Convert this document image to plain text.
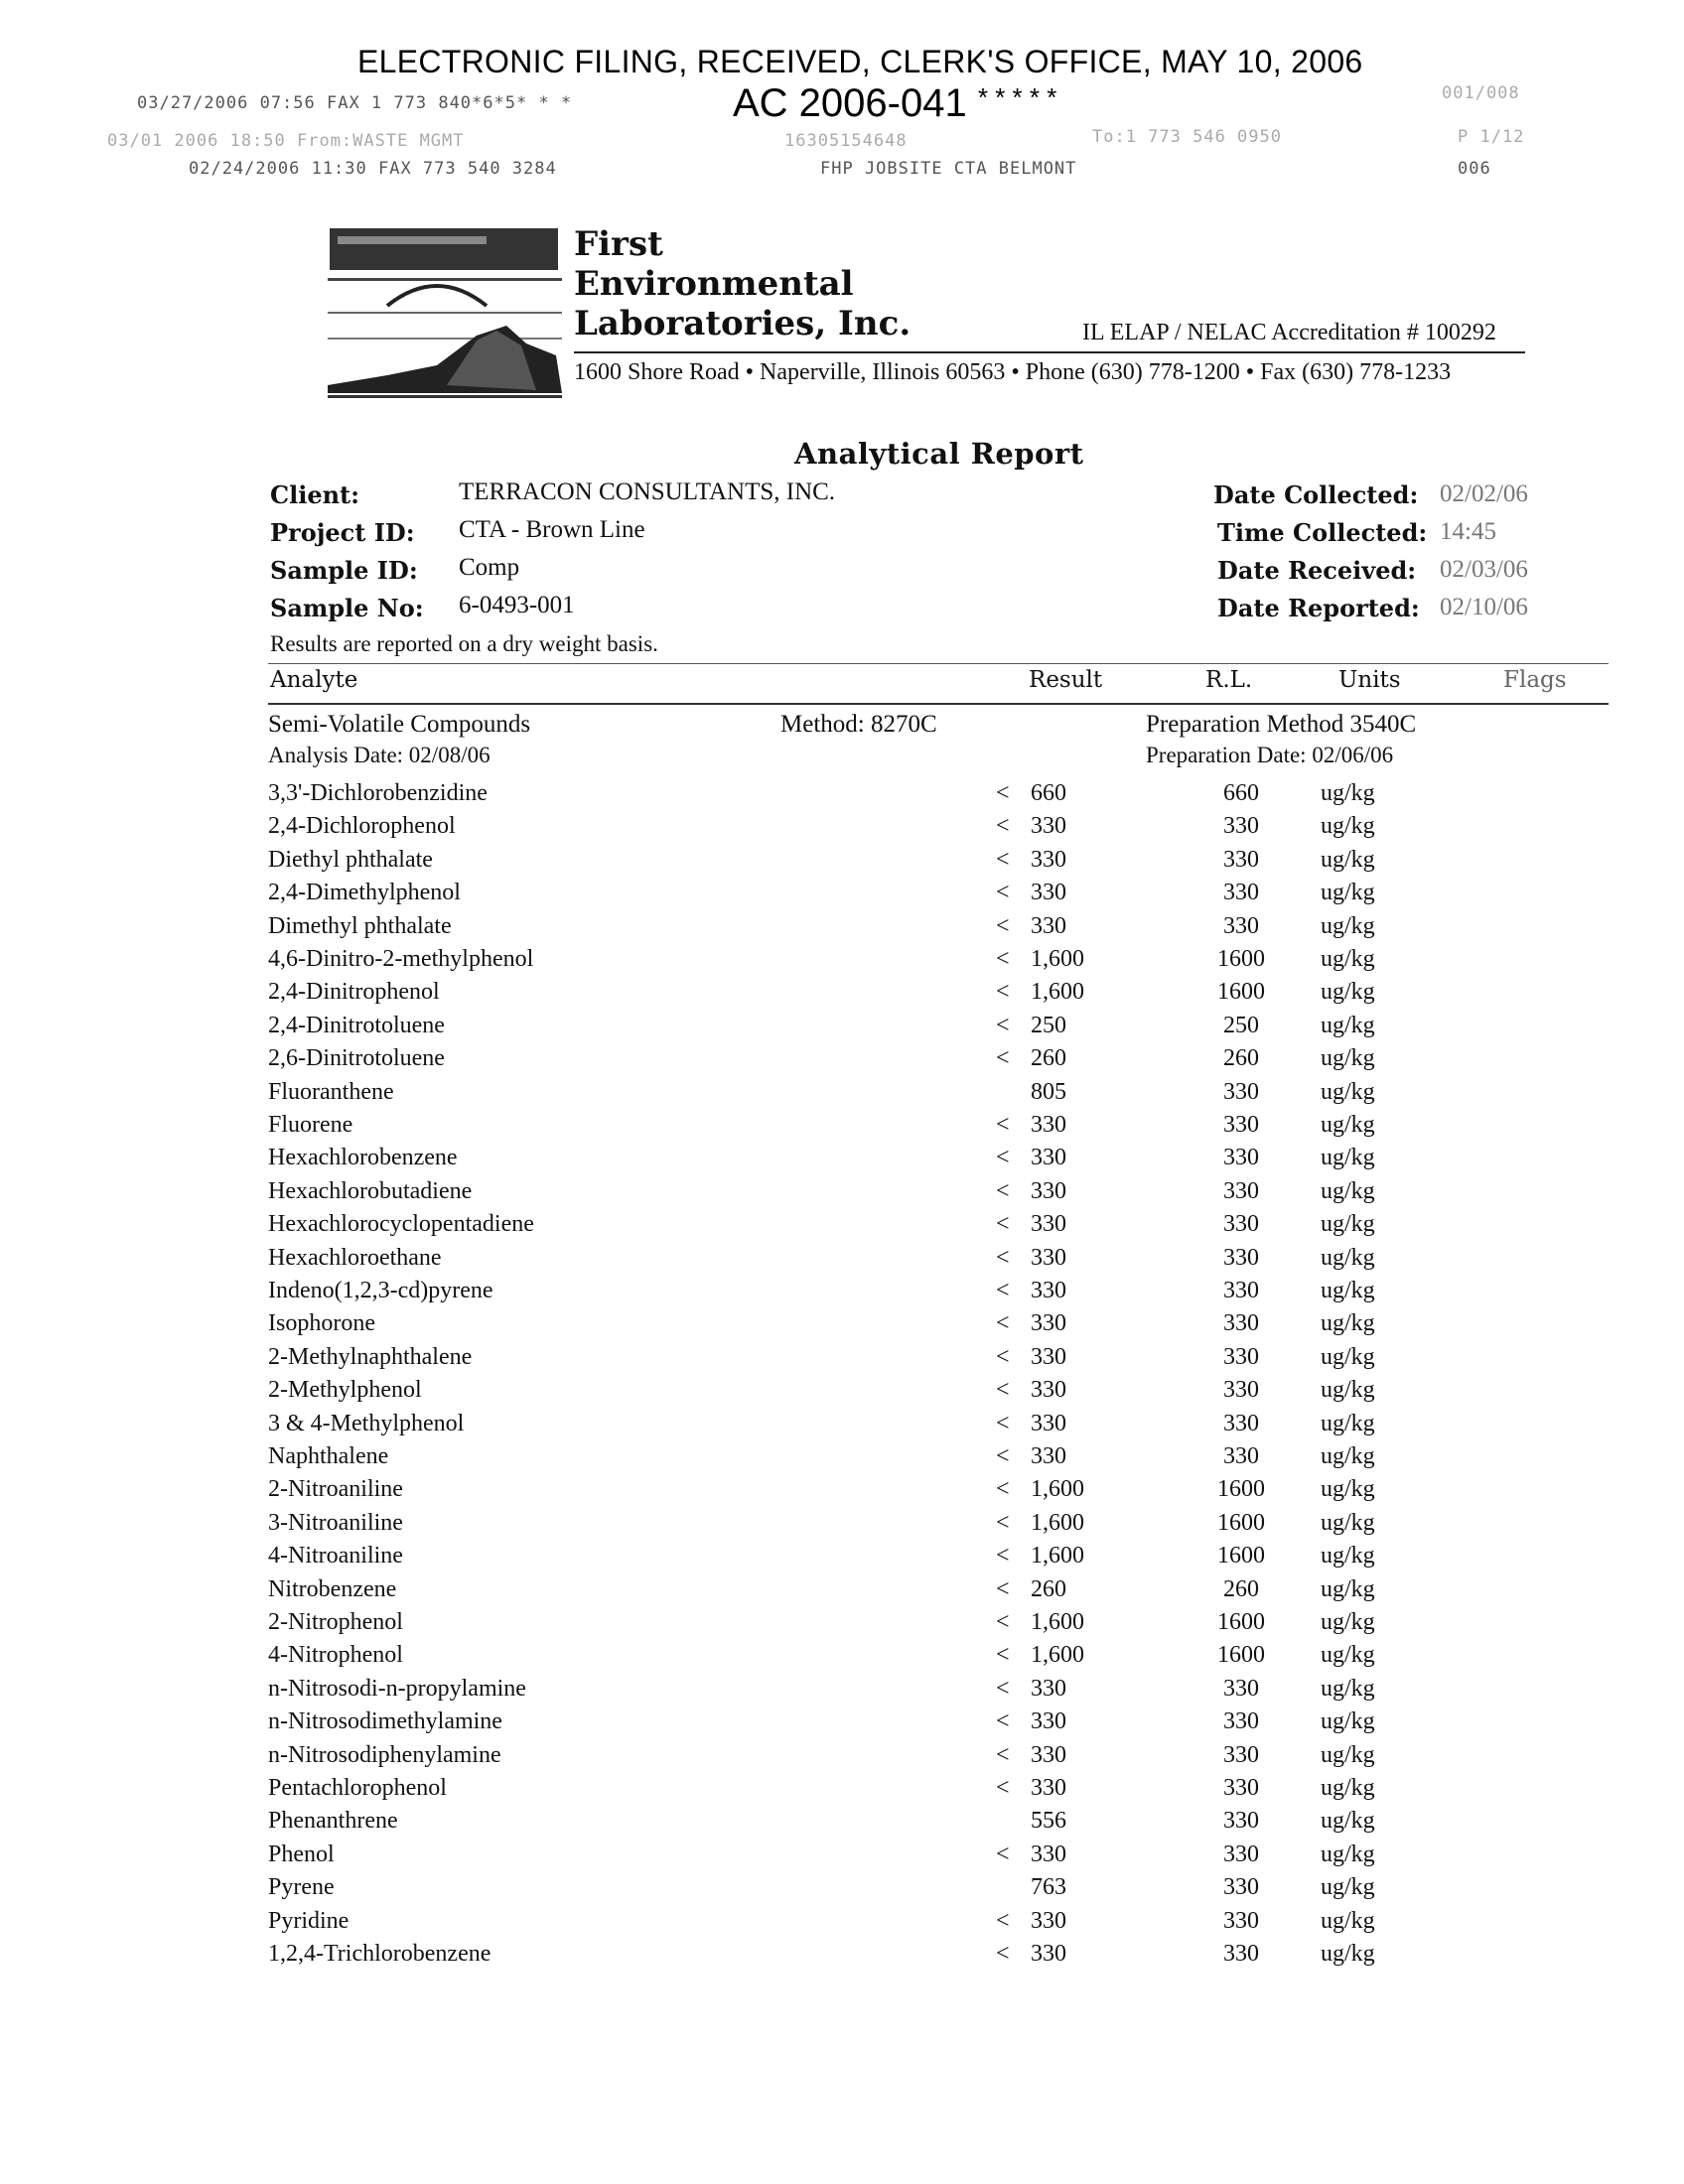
ELECTRONIC FILING, RECEIVED, CLERK'S OFFICE, MAY 10, 2006
03/27/2006 07:56 FAX 1 773 840*6*5* * *	AC 2006-041 * * * * *	001/008
03/01 2006 18:50 From:WASTE MGMT	16305154648	To:1 773 546 0950	P 1/12
02/24/2006 11:30 FAX 773 540 3284	FHP JOBSITE CTA BELMONT	006
First
Environmental
Laboratories, Inc.	IL ELAP / NELAC Accreditation # 100292
1600 Shore Road • Naperville, Illinois 60563 • Phone (630) 778-1200 • Fax (630) 778-1233
Analytical Report
Client:	TERRACON CONSULTANTS, INC.
Project ID: CTA - Brown Line
Sample ID: Comp
Sample No: 6-0493-001
Date Collected: 02/02/06
Time Collected: 14:45
Date Received: 02/03/06
Date Reported: 02/10/06
Results are reported on a dry weight basis.
Analyte	Result	R.L.	Units	Flags
Semi-Volatile Compounds	Method: 8270C	Preparation Method 3540C
Analysis Date: 02/08/06	Preparation Date: 02/06/06
3,3'-Dichlorobenzidine	< 660	660	ug/kg
2,4-Dichlorophenol	< 330	330	ug/kg
Diethyl phthalate	< 330	330	ug/kg
2,4-Dimethylphenol	< 330	330	ug/kg
Dimethyl phthalate	< 330	330	ug/kg
4,6-Dinitro-2-methylphenol	< 1,600	1600	ug/kg
2,4-Dinitrophenol	< 1,600	1600	ug/kg
2,4-Dinitrotoluene	< 250	250	ug/kg
2,6-Dinitrotoluene	< 260	260	ug/kg
Fluoranthene	805	330	ug/kg
Fluorene	< 330	330	ug/kg
Hexachlorobenzene	< 330	330	ug/kg
Hexachlorobutadiene	< 330	330	ug/kg
Hexachlorocyclopentadiene	< 330	330	ug/kg
Hexachloroethane	< 330	330	ug/kg
Indeno(1,2,3-cd)pyrene	< 330	330	ug/kg
Isophorone	< 330	330	ug/kg
2-Methylnaphthalene	< 330	330	ug/kg
2-Methylphenol	< 330	330	ug/kg
3 & 4-Methylphenol	< 330	330	ug/kg
Naphthalene	< 330	330	ug/kg
2-Nitroaniline	< 1,600	1600	ug/kg
3-Nitroaniline	< 1,600	1600	ug/kg
4-Nitroaniline	< 1,600	1600	ug/kg
Nitrobenzene	< 260	260	ug/kg
2-Nitrophenol	< 1,600	1600	ug/kg
4-Nitrophenol	< 1,600	1600	ug/kg
n-Nitrosodi-n-propylamine	< 330	330	ug/kg
n-Nitrosodimethylamine	< 330	330	ug/kg
n-Nitrosodiphenylamine	< 330	330	ug/kg
Pentachlorophenol	< 330	330	ug/kg
Phenanthrene	556	330	ug/kg
Phenol	< 330	330	ug/kg
Pyrene	763	330	ug/kg
Pyridine	< 330	330	ug/kg
1,2,4-Trichlorobenzene	< 330	330	ug/kg
